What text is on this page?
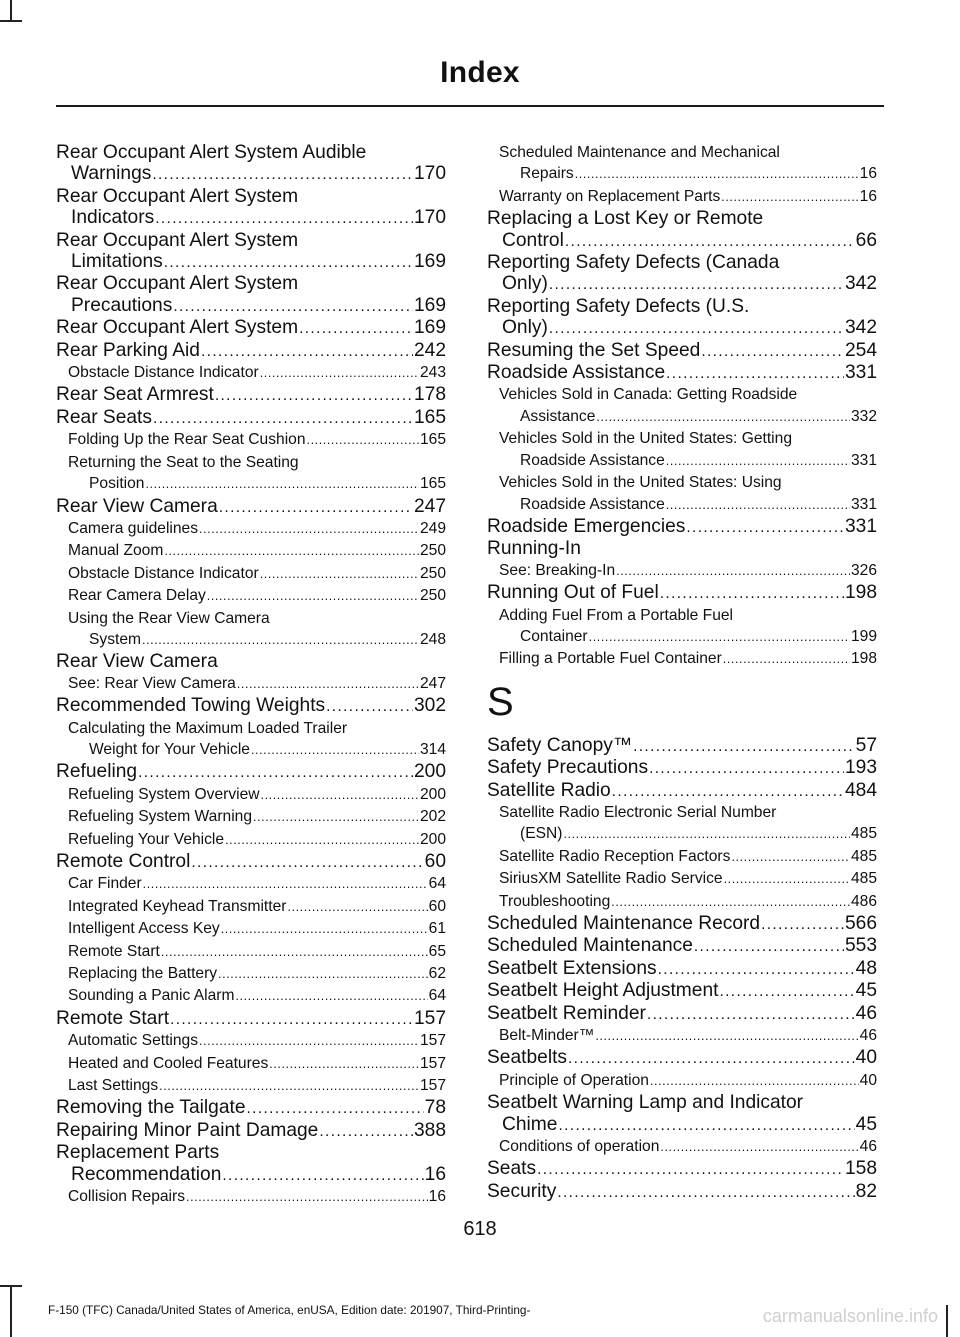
Index
Rear Occupant Alert System Audible
Warnings .....	170
Rear Occupant Alert System
Indicators .....	170
Rear Occupant Alert System
Limitations .....	169
Rear Occupant Alert System
Precautions .....	169
Rear Occupant Alert System .....	169
Rear Parking Aid .....	242
Obstacle Distance Indicator .....	243
Rear Seat Armrest .....	178
Rear Seats .....	165
Folding Up the Rear Seat Cushion .....	165
Returning the Seat to the Seating
Position .....	165
Rear View Camera .....	247
Camera guidelines .....	249
Manual Zoom .....	250
Obstacle Distance Indicator .....	250
Rear Camera Delay .....	250
Using the Rear View Camera
System .....	248
Rear View Camera
See: Rear View Camera .....	247
Recommended Towing Weights .....	302
Calculating the Maximum Loaded Trailer
Weight for Your Vehicle .....	314
Refueling .....	200
Refueling System Overview .....	200
Refueling System Warning .....	202
Refueling Your Vehicle .....	200
Remote Control .....	60
Car Finder .....	64
Integrated Keyhead Transmitter .....	60
Intelligent Access Key .....	61
Remote Start .....	65
Replacing the Battery .....	62
Sounding a Panic Alarm .....	64
Remote Start .....	157
Automatic Settings .....	157
Heated and Cooled Features .....	157
Last Settings .....	157
Removing the Tailgate .....	78
Repairing Minor Paint Damage .....	388
Replacement Parts
Recommendation .....	16
Collision Repairs .....	16
Scheduled Maintenance and Mechanical
Repairs .....	16
Warranty on Replacement Parts .....	16
Replacing a Lost Key or Remote
Control .....	66
Reporting Safety Defects (Canada
Only) .....	342
Reporting Safety Defects (U.S.
Only) .....	342
Resuming the Set Speed .....	254
Roadside Assistance .....	331
Vehicles Sold in Canada: Getting Roadside
Assistance .....	332
Vehicles Sold in the United States: Getting
Roadside Assistance .....	331
Vehicles Sold in the United States: Using
Roadside Assistance .....	331
Roadside Emergencies .....	331
Running-In
See: Breaking-In .....	326
Running Out of Fuel .....	198
Adding Fuel From a Portable Fuel
Container .....	199
Filling a Portable Fuel Container .....	198
S
Safety Canopy™ .....	57
Safety Precautions .....	193
Satellite Radio .....	484
Satellite Radio Electronic Serial Number
(ESN) .....	485
Satellite Radio Reception Factors .....	485
SiriusXM Satellite Radio Service .....	485
Troubleshooting .....	486
Scheduled Maintenance Record .....	566
Scheduled Maintenance .....	553
Seatbelt Extensions .....	48
Seatbelt Height Adjustment .....	45
Seatbelt Reminder .....	46
Belt-Minder™ .....	46
Seatbelts .....	40
Principle of Operation .....	40
Seatbelt Warning Lamp and Indicator
Chime .....	45
Conditions of operation .....	46
Seats .....	158
Security .....	82
618
F-150 (TFC) Canada/United States of America, enUSA, Edition date: 201907, Third-Printing-	carmanualsonline.info
